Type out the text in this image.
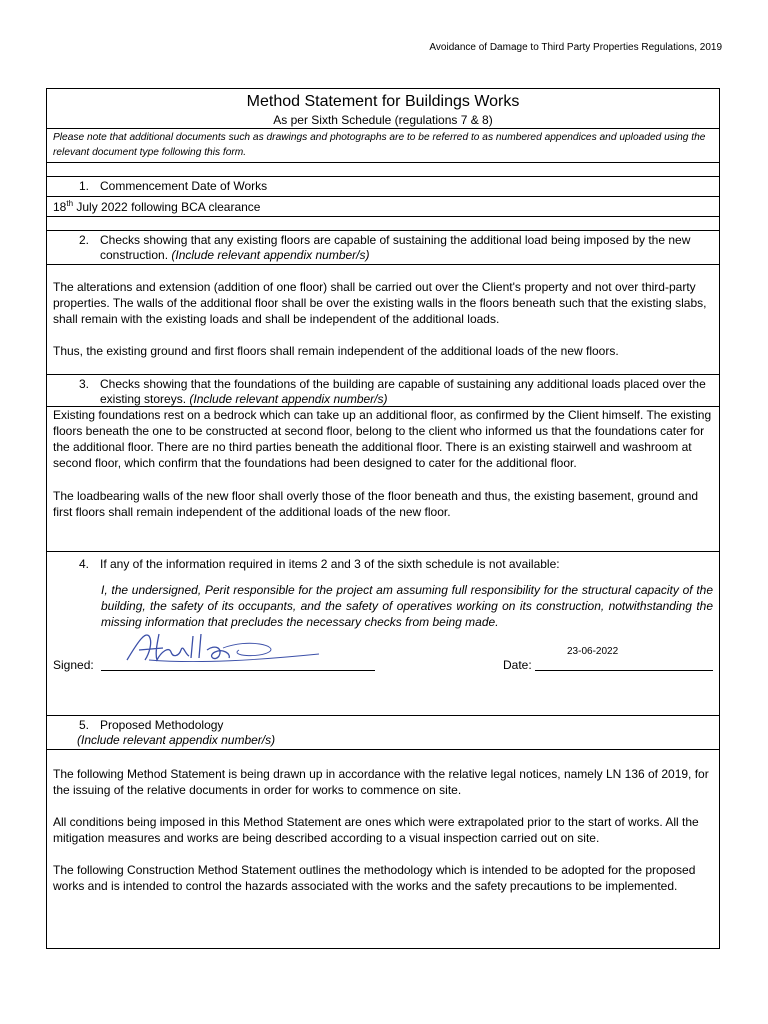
Avoidance of Damage to Third Party Properties Regulations, 2019
Method Statement for Buildings Works
As per Sixth Schedule (regulations 7 & 8)
Please note that additional documents such as drawings and photographs are to be referred to as numbered appendices and uploaded using the relevant document type following this form.
1. Commencement Date of Works
18th July 2022 following BCA clearance
2. Checks showing that any existing floors are capable of sustaining the additional load being imposed by the new construction. (Include relevant appendix number/s)

The alterations and extension (addition of one floor) shall be carried out over the Client's property and not over third-party properties. The walls of the additional floor shall be over the existing walls in the floors beneath such that the existing slabs, shall remain with the existing loads and shall be independent of the additional loads.

Thus, the existing ground and first floors shall remain independent of the additional loads of the new floors.

3. Checks showing that the foundations of the building are capable of sustaining any additional loads placed over the existing storeys. (Include relevant appendix number/s)

Existing foundations rest on a bedrock which can take up an additional floor, as confirmed by the Client himself. The existing floors beneath the one to be constructed at second floor, belong to the client who informed us that the foundations cater for the additional floor. There are no third parties beneath the additional floor. There is an existing stairwell and washroom at second floor, which confirm that the foundations had been designed to cater for the additional floor.

The loadbearing walls of the new floor shall overly those of the floor beneath and thus, the existing basement, ground and first floors shall remain independent of the additional loads of the new floor.

4. If any of the information required in items 2 and 3 of the sixth schedule is not available:
I, the undersigned, Perit responsible for the project am assuming full responsibility for the structural capacity of the building, the safety of its occupants, and the safety of operatives working on its construction, notwithstanding the missing information that precludes the necessary checks from being made.
Signed:	Date:
23-06-2022
5. Proposed Methodology
(Include relevant appendix number/s)

The following Method Statement is being drawn up in accordance with the relative legal notices, namely LN 136 of 2019, for the issuing of the relative documents in order for works to commence on site.

All conditions being imposed in this Method Statement are ones which were extrapolated prior to the start of works. All the mitigation measures and works are being described according to a visual inspection carried out on site.

The following Construction Method Statement outlines the methodology which is intended to be adopted for the proposed works and is intended to control the hazards associated with the works and the safety precautions to be implemented.
